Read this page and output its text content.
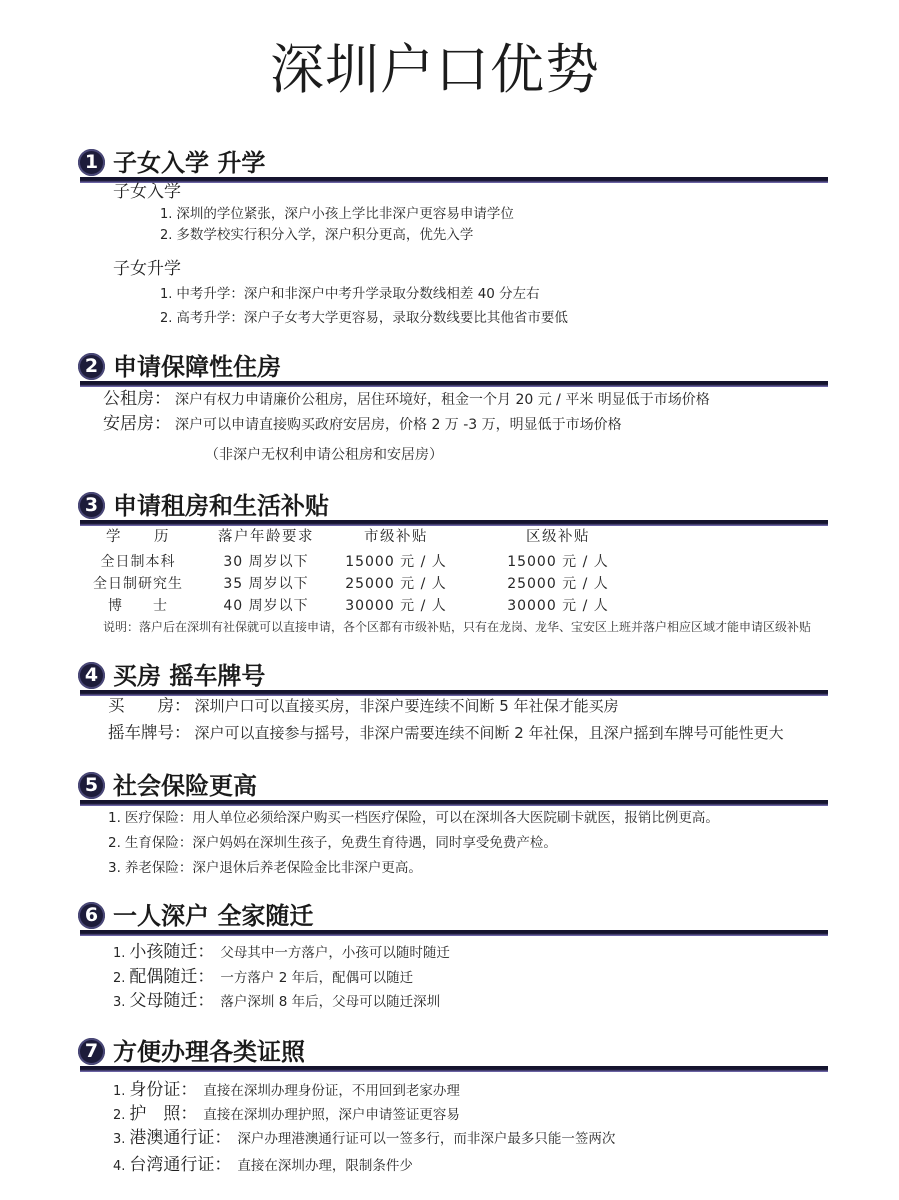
深圳户口优势
1 子女入学 升学
子女入学
1. 深圳的学位紧张，深户小孩上学比非深户更容易申请学位
2. 多数学校实行积分入学，深户积分更高，优先入学
子女升学
1. 中考升学：深户和非深户中考升学录取分数线相差 40 分左右
2. 高考升学：深户子女考大学更容易，录取分数线要比其他省市要低
2 申请保障性住房
公租房： 深户有权力申请廉价公租房，居住环境好，租金一个月 20 元 / 平米 明显低于市场价格
安居房： 深户可以申请直接购买政府安居房，价格 2 万 -3 万，明显低于市场价格
（非深户无权利申请公租房和安居房）
3 申请租房和生活补贴
学　　历	落户年龄要求	市级补贴	区级补贴
全日制本科	30 周岁以下	15000 元 / 人	15000 元 / 人
全日制研究生	35 周岁以下	25000 元 / 人	25000 元 / 人
博　　士	40 周岁以下	30000 元 / 人	30000 元 / 人
说明：落户后在深圳有社保就可以直接申请，各个区都有市级补贴，只有在龙岗、龙华、宝安区上班并落户相应区域才能申请区级补贴
4 买房 摇车牌号
买　　房： 深圳户口可以直接买房，非深户要连续不间断 5 年社保才能买房
摇车牌号： 深户可以直接参与摇号，非深户需要连续不间断 2 年社保，且深户摇到车牌号可能性更大
5 社会保险更高
1. 医疗保险：用人单位必须给深户购买一档医疗保险，可以在深圳各大医院刷卡就医，报销比例更高。
2. 生育保险：深户妈妈在深圳生孩子，免费生育待遇，同时享受免费产检。
3. 养老保险：深户退休后养老保险金比非深户更高。
6 一人深户 全家随迁
1. 小孩随迁： 父母其中一方落户，小孩可以随时随迁
2. 配偶随迁： 一方落户 2 年后，配偶可以随迁
3. 父母随迁： 落户深圳 8 年后，父母可以随迁深圳
7 方便办理各类证照
1. 身份证： 直接在深圳办理身份证，不用回到老家办理
2. 护　照： 直接在深圳办理护照，深户申请签证更容易
3. 港澳通行证： 深户办理港澳通行证可以一签多行，而非深户最多只能一签两次
4. 台湾通行证： 直接在深圳办理，限制条件少
